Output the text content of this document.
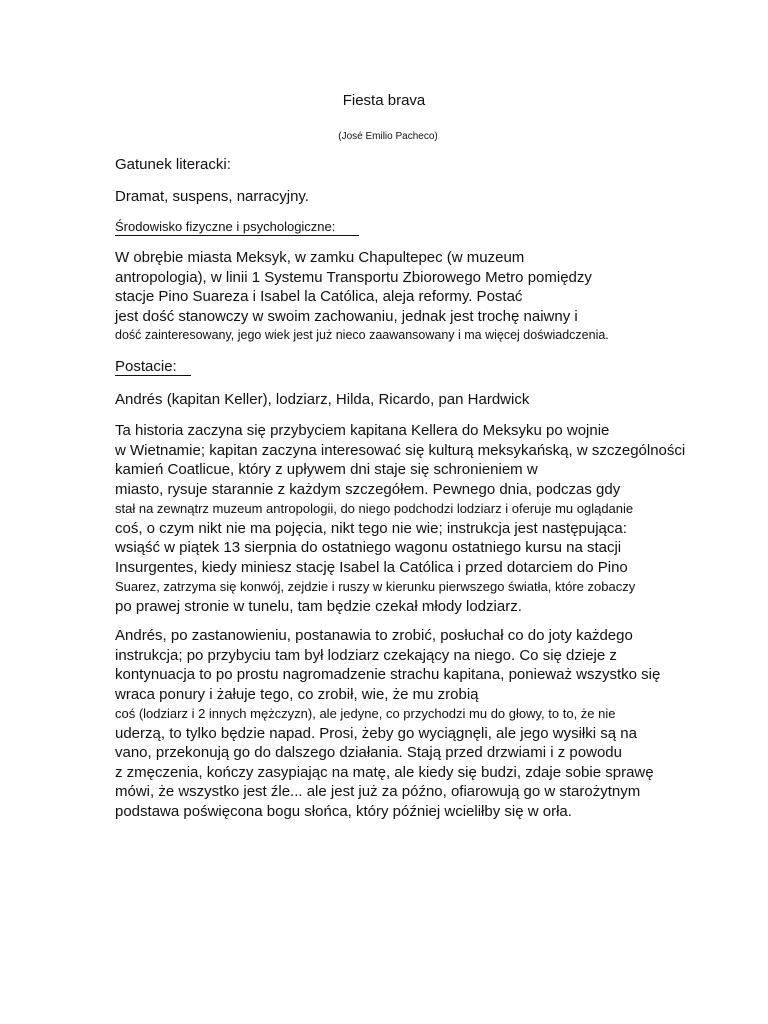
Fiesta brava
(José Emilio Pacheco)
Gatunek literacki:
Dramat, suspens, narracyjny.
Środowisko fizyczne i psychologiczne:
W obrębie miasta Meksyk, w zamku Chapultepec (w muzeum
antropologia), w linii 1 Systemu Transportu Zbiorowego Metro pomiędzy
stacje Pino Suareza i Isabel la Católica, aleja reformy. Postać
jest dość stanowczy w swoim zachowaniu, jednak jest trochę naiwny i
dość zainteresowany, jego wiek jest już nieco zaawansowany i ma więcej doświadczenia.
Postacie:
Andrés (kapitan Keller), lodziarz, Hilda, Ricardo, pan Hardwick
Ta historia zaczyna się przybyciem kapitana Kellera do Meksyku po wojnie
w Wietnamie; kapitan zaczyna interesować się kulturą meksykańską, w szczególności
kamień Coatlicue, który z upływem dni staje się schronieniem w
miasto, rysuje starannie z każdym szczegółem. Pewnego dnia, podczas gdy
stał na zewnątrz muzeum antropologii, do niego podchodzi lodziarz i oferuje mu oglądanie
coś, o czym nikt nie ma pojęcia, nikt tego nie wie; instrukcja jest następująca:
wsiąść w piątek 13 sierpnia do ostatniego wagonu ostatniego kursu na stacji
Insurgentes, kiedy miniesz stację Isabel la Católica i przed dotarciem do Pino
Suarez, zatrzyma się konwój, zejdzie i ruszy w kierunku pierwszego światła, które zobaczy
po prawej stronie w tunelu, tam będzie czekał młody lodziarz.
Andrés, po zastanowieniu, postanawia to zrobić, posłuchał co do joty każdego
instrukcja; po przybyciu tam był lodziarz czekający na niego. Co się dzieje z
kontynuacja to po prostu nagromadzenie strachu kapitana, ponieważ wszystko się
wraca ponury i żałuje tego, co zrobił, wie, że mu zrobią
coś (lodziarz i 2 innych mężczyzn), ale jedyne, co przychodzi mu do głowy, to to, że nie
uderzą, to tylko będzie napad. Prosi, żeby go wyciągnęli, ale jego wysiłki są na
vano, przekonują go do dalszego działania. Stają przed drzwiami i z powodu
z zmęczenia, kończy zasypiając na matę, ale kiedy się budzi, zdaje sobie sprawę
mówi, że wszystko jest źle... ale jest już za późno, ofiarowują go w starożytnym
podstawa poświęcona bogu słońca, który później wcieliłby się w orła.
